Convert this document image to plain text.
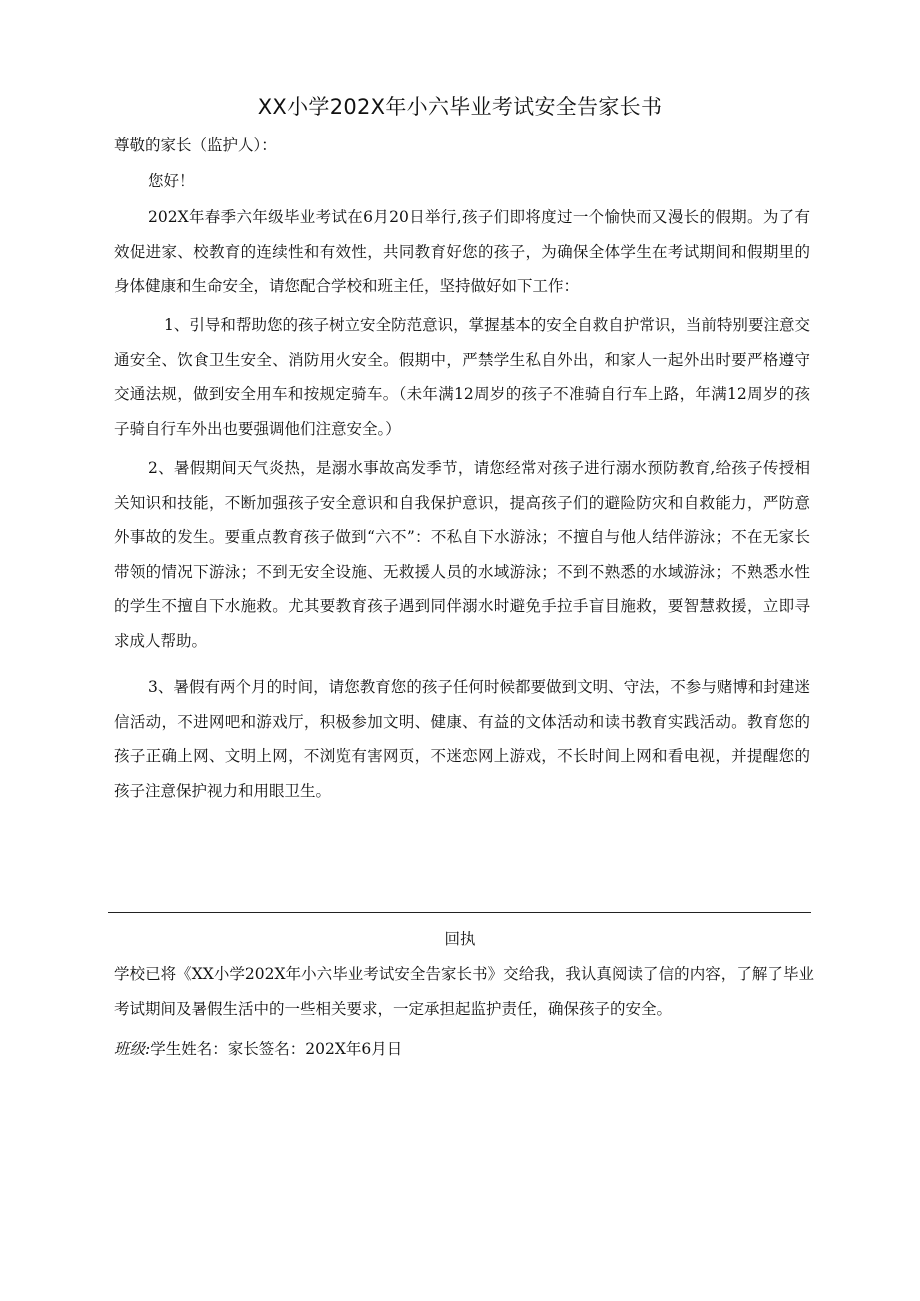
XX小学202X年小六毕业考试安全告家长书

尊敬的家长（监护人）：

您好！

202X年春季六年级毕业考试在6月20日举行,孩子们即将度过一个愉快而又漫长的假期。为了有效促进家、校教育的连续性和有效性，共同教育好您的孩子，为确保全体学生在考试期间和假期里的身体健康和生命安全，请您配合学校和班主任，坚持做好如下工作：

1、引导和帮助您的孩子树立安全防范意识，掌握基本的安全自救自护常识，当前特别要注意交通安全、饮食卫生安全、消防用火安全。假期中，严禁学生私自外出，和家人一起外出时要严格遵守交通法规，做到安全用车和按规定骑车。（未年满12周岁的孩子不准骑自行车上路，年满12周岁的孩子骑自行车外出也要强调他们注意安全。）

2、暑假期间天气炎热，是溺水事故高发季节，请您经常对孩子进行溺水预防教育,给孩子传授相关知识和技能，不断加强孩子安全意识和自我保护意识，提高孩子们的避险防灾和自救能力，严防意外事故的发生。要重点教育孩子做到“六不”：不私自下水游泳；不擅自与他人结伴游泳；不在无家长带领的情况下游泳；不到无安全设施、无救援人员的水域游泳；不到不熟悉的水域游泳；不熟悉水性的学生不擅自下水施救。尤其要教育孩子遇到同伴溺水时避免手拉手盲目施救，要智慧救援，立即寻求成人帮助。

3、暑假有两个月的时间，请您教育您的孩子任何时候都要做到文明、守法，不参与赌博和封建迷信活动，不进网吧和游戏厅，积极参加文明、健康、有益的文体活动和读书教育实践活动。教育您的孩子正确上网、文明上网，不浏览有害网页，不迷恋网上游戏，不长时间上网和看电视，并提醒您的孩子注意保护视力和用眼卫生。

回执

学校已将《XX小学202X年小六毕业考试安全告家长书》交给我，我认真阅读了信的内容，了解了毕业考试期间及暑假生活中的一些相关要求，一定承担起监护责任，确保孩子的安全。

班级:学生姓名：家长签名：202X年6月日
